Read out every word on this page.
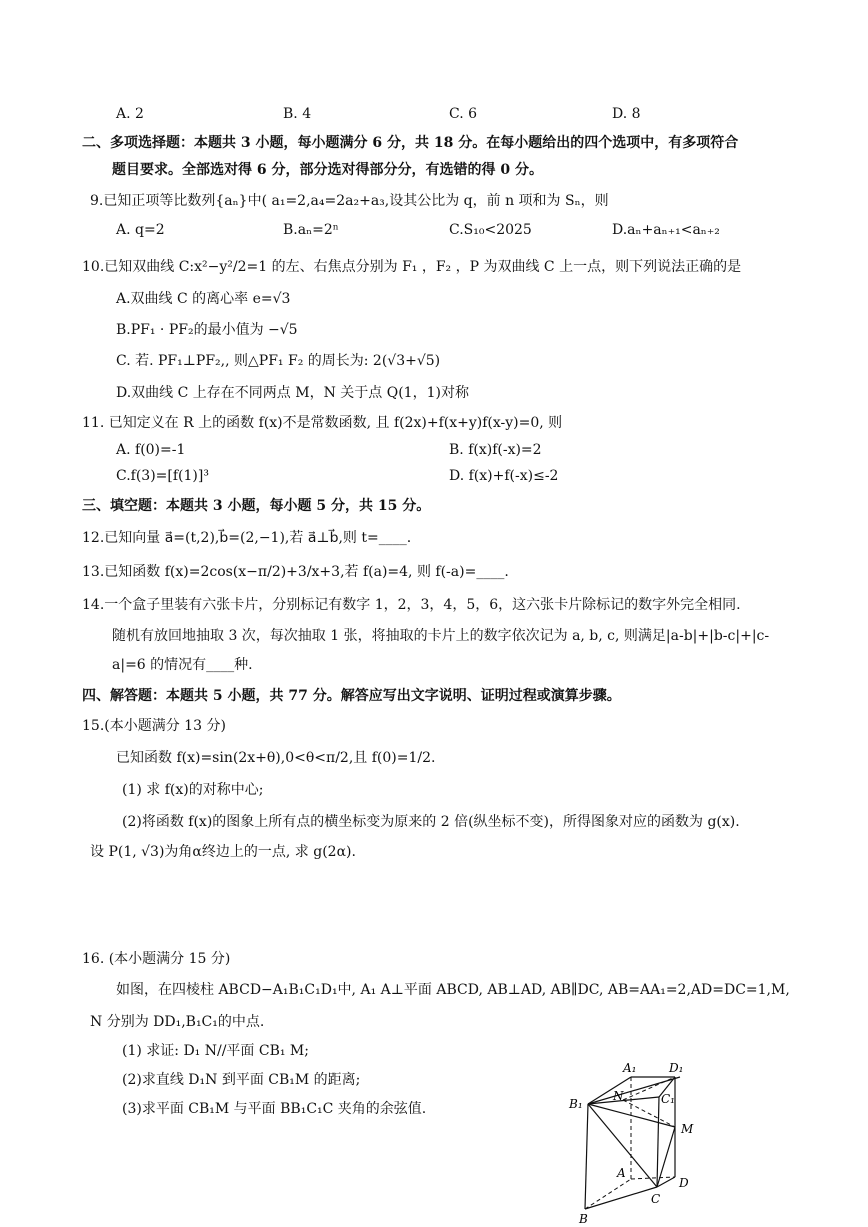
A. 2	B. 4	C. 6	D. 8
二、多项选择题：本题共 3 小题，每小题满分 6 分，共 18 分。在每小题给出的四个选项中，有多项符合
题目要求。全部选对得 6 分，部分选对得部分分，有选错的得 0 分。
9.已知正项等比数列{aₙ}中( a₁=2,a₄=2a₂+a₃,设其公比为 q，前 n 项和为 Sₙ，则
A. q=2	B.aₙ=2ⁿ	C.S₁₀<2025	D.aₙ+aₙ₊₁<aₙ₊₂
10.已知双曲线 C:x²−y²/2=1 的左、右焦点分别为 F₁ ，F₂ ，P 为双曲线 C 上一点，则下列说法正确的是
A.双曲线 C 的离心率 e=√3
B.PF₁ · PF₂的最小值为 −√5
C. 若. PF₁⊥PF₂,, 则△PF₁ F₂ 的周长为: 2(√3+√5)
D.双曲线 C 上存在不同两点 M，N 关于点 Q(1，1)对称
11. 已知定义在 R 上的函数 f(x)不是常数函数, 且 f(2x)+f(x+y)f(x-y)=0, 则
A. f(0)=-1	B. f(x)f(-x)=2
C.f(3)=[f(1)]³	D. f(x)+f(-x)≤-2
三、填空题：本题共 3 小题，每小题 5 分，共 15 分。
12.已知向量 a⃗=(t,2),b⃗=(2,−1),若 a⃗⊥b⃗,则 t=____.
13.已知函数 f(x)=2cos(x−π/2)+3/x+3,若 f(a)=4, 则 f(-a)=____.
14.一个盒子里装有六张卡片，分别标记有数字 1，2，3，4，5，6，这六张卡片除标记的数字外完全相同.
随机有放回地抽取 3 次，每次抽取 1 张，将抽取的卡片上的数字依次记为 a, b, c, 则满足|a-b|+|b-c|+|c-
a|=6 的情况有____种.
四、解答题：本题共 5 小题，共 77 分。解答应写出文字说明、证明过程或演算步骤。
15.(本小题满分 13 分)
已知函数 f(x)=sin(2x+θ),0<θ<π/2,且 f(0)=1/2.
(1) 求 f(x)的对称中心;
(2)将函数 f(x)的图象上所有点的横坐标变为原来的 2 倍(纵坐标不变)，所得图象对应的函数为 g(x).
设 P(1, √3)为角α终边上的一点, 求 g(2α).
16. (本小题满分 15 分)
如图，在四棱柱 ABCD−A₁B₁C₁D₁中, A₁ A⊥平面 ABCD, AB⊥AD, AB∥DC, AB=AA₁=2,AD=DC=1,M,
N 分别为 DD₁,B₁C₁的中点.
(1) 求证: D₁ N//平面 CB₁ M;
(2)求直线 D₁N 到平面 CB₁M 的距离;
(3)求平面 CB₁M 与平面 BB₁C₁C 夹角的余弦值.
A₁	D₁
B₁
N	C₁
M
A
D
C
B
